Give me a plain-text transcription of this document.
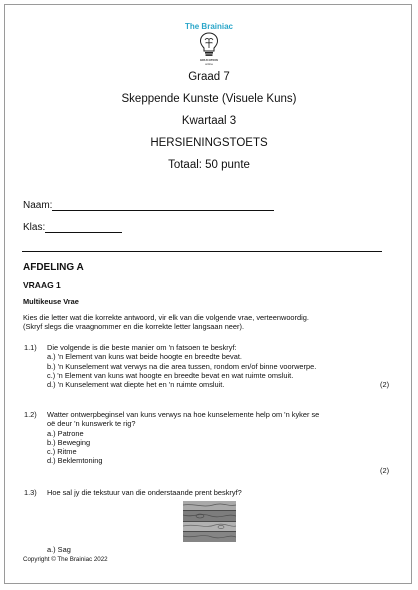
The Brainiac
EDUCATION
online
Graad 7
Skeppende Kunste (Visuele Kuns)
Kwartaal 3
HERSIENINGSTOETS
Totaal: 50 punte
Naam:
Klas:
AFDELING A
VRAAG 1
Multikeuse Vrae
Kies die letter wat die korrekte antwoord, vir elk van die volgende vrae, verteenwoordig.
(Skryf slegs die vraagnommer en die korrekte letter langsaan neer).
1.1) Die volgende is die beste manier om 'n fatsoen te beskryf:
a.) 'n Element van kuns wat beide hoogte en breedte bevat.
b.) 'n Kunselement wat verwys na die area tussen, rondom en/of binne voorwerpe.
c.) 'n Element van kuns wat hoogte en breedte bevat en wat ruimte omsluit.
d.) 'n Kunselement wat diepte het en 'n ruimte omsluit.	(2)
1.2) Watter ontwerpbeginsel van kuns verwys na hoe kunselemente help om 'n kyker se
oë deur 'n kunswerk te rig?
a.) Patrone
b.) Beweging
c.) Ritme
d.) Beklemtoning
(2)
1.3) Hoe sal jy die tekstuur van die onderstaande prent beskryf?
a.) Sag
Copyright © The Brainiac 2022
